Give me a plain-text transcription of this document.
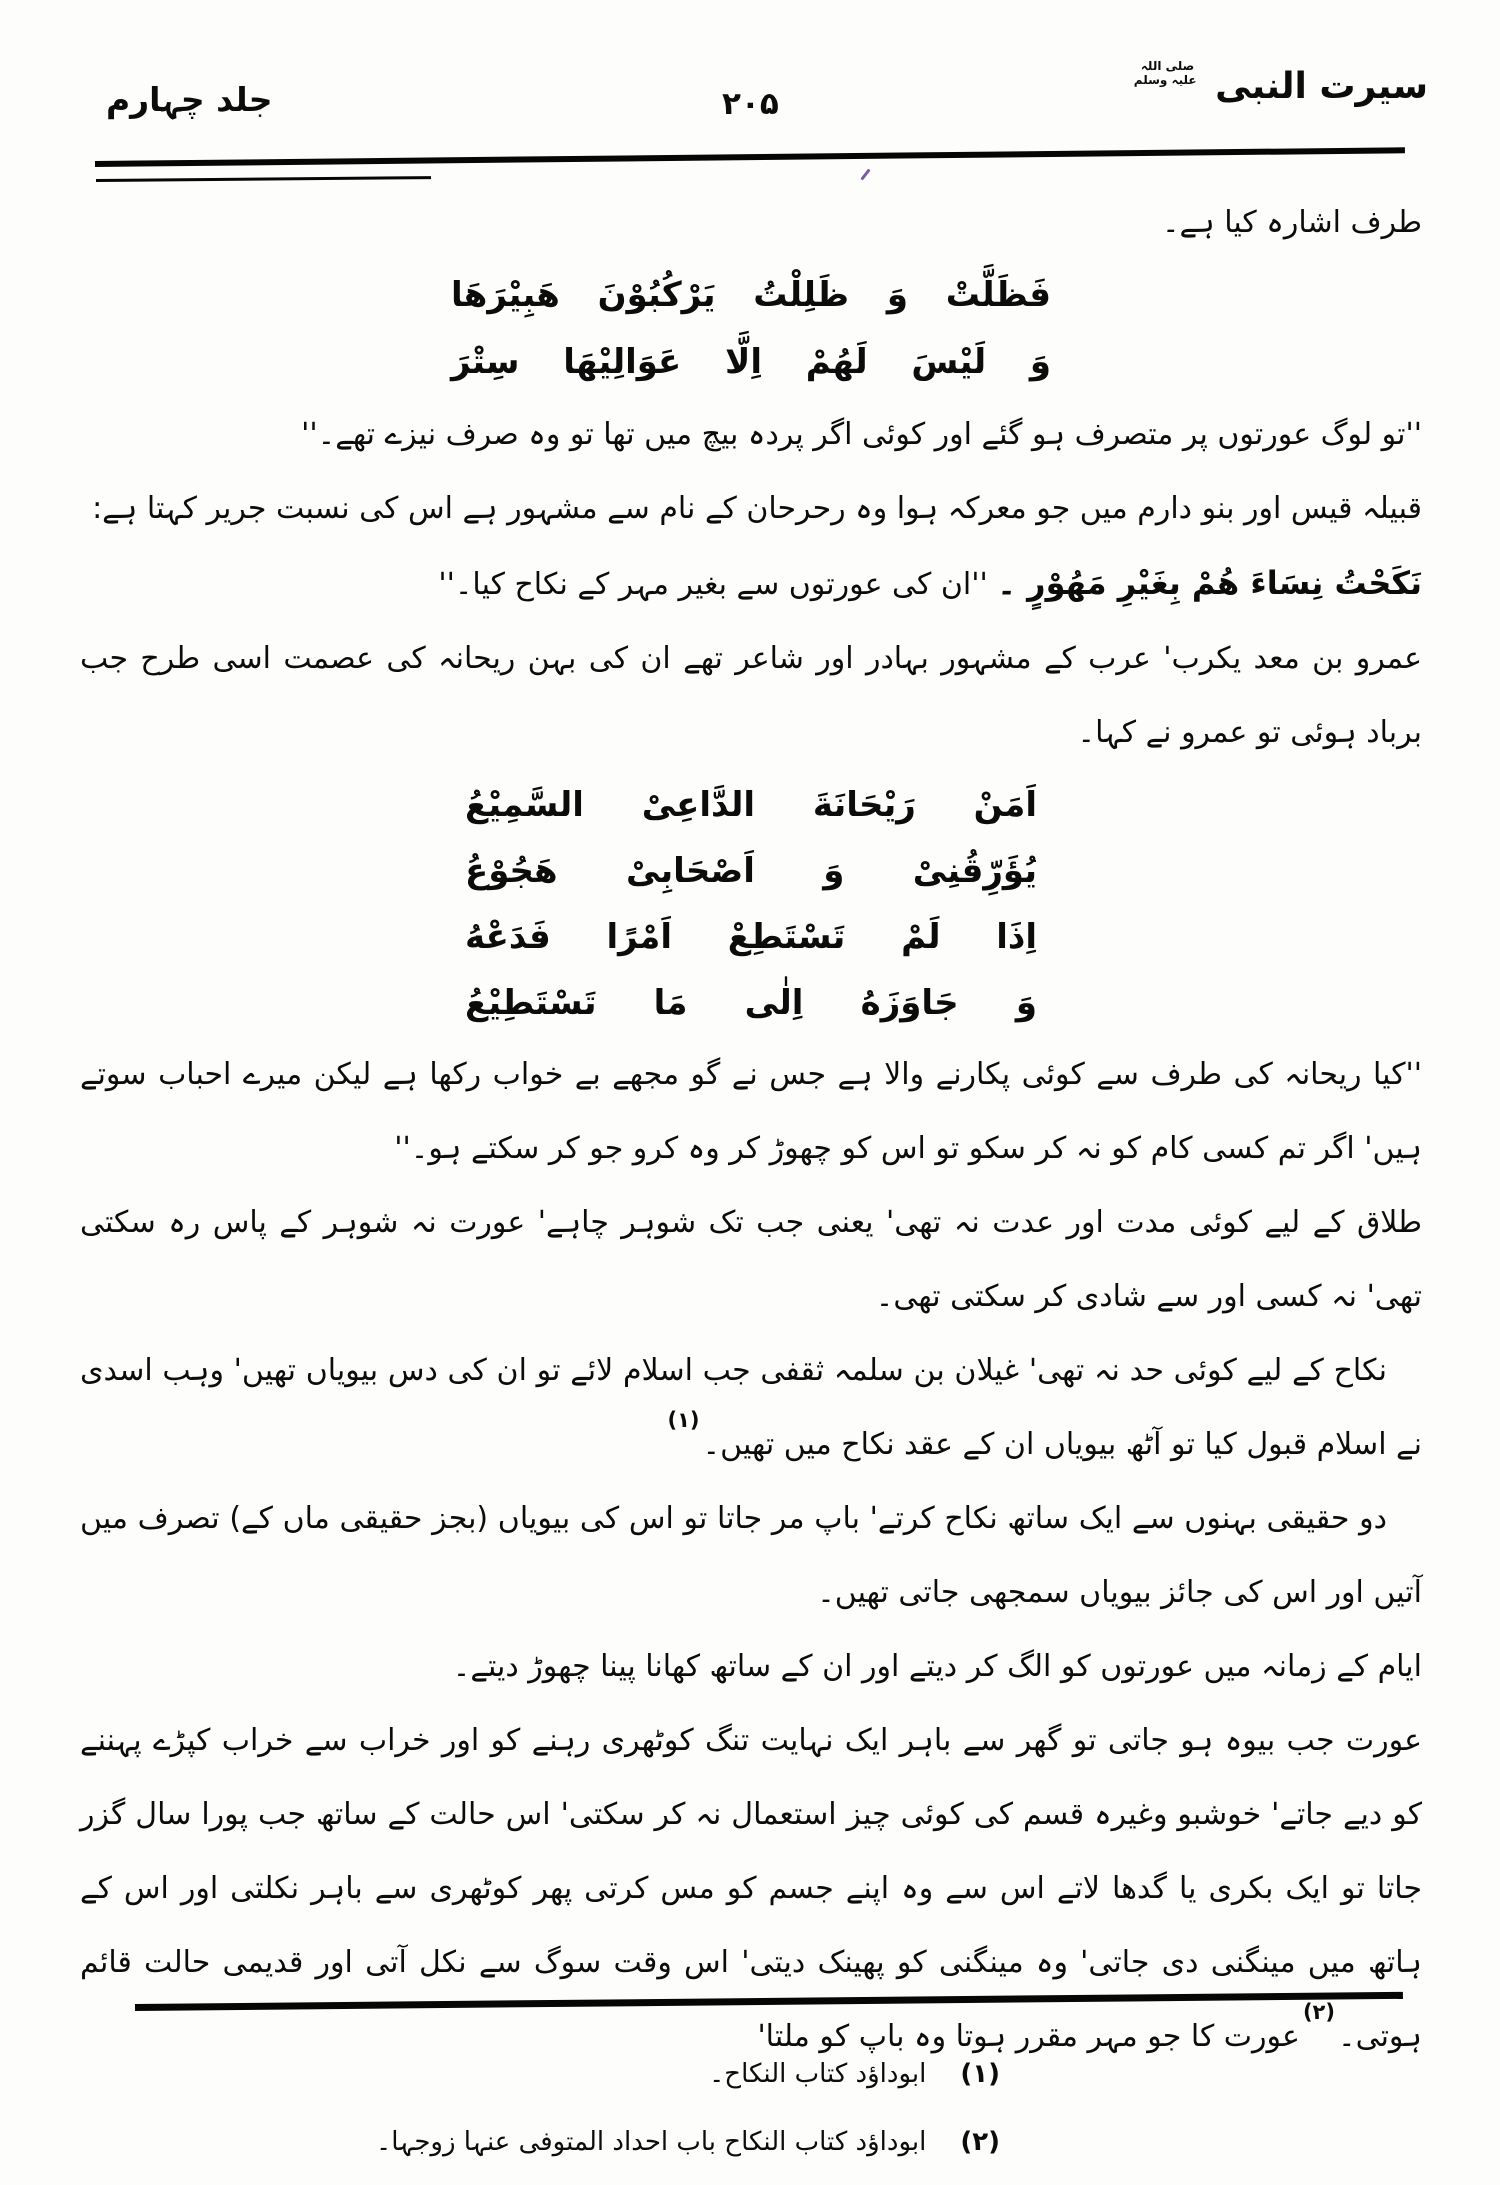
سیرت النبی
صلی اللہ
علیہ وسلم
۲۰۵
جلد چہارم

طرف اشارہ کیا ہے۔

فَظَلَّتْ وَ ظَلِلْتُ يَرْكُبُوْنَ هَبِيْرَهَا
وَ لَيْسَ لَهُمْ اِلَّا عَوَالِيْهَا سِتْرَ

''تو لوگ عورتوں پر متصرف ہو گئے اور کوئی اگر پردہ بیچ میں تھا تو وہ صرف نیزے تھے۔''

قبیلہ قیس اور بنو دارم میں جو معرکہ ہوا وہ رحرحان کے نام سے مشہور ہے اس کی نسبت جریر کہتا ہے:

نَكَحْتُ نِسَاءَ هُمْ بِغَيْرِ مَهُوْرٍ ۔ ''ان کی عورتوں سے بغیر مہر کے نکاح کیا۔''

عمرو بن معد یکرب' عرب کے مشہور بہادر اور شاعر تھے ان کی بہن ریحانہ کی عصمت اسی طرح جب برباد ہوئی تو عمرو نے کہا۔

اَمَنْ رَيْحَانَةَ الدَّاعِیْ السَّمِيْعُ
يُؤَرِّقُنِیْ وَ اَصْحَابِیْ هَجُوْعُ
اِذَا لَمْ تَسْتَطِعْ اَمْرًا فَدَعْهُ
وَ جَاوَزَهُ اِلٰی مَا تَسْتَطِيْعُ

''کیا ریحانہ کی طرف سے کوئی پکارنے والا ہے جس نے گو مجھے بے خواب رکھا ہے لیکن میرے احباب سوتے ہیں' اگر تم کسی کام کو نہ کر سکو تو اس کو چھوڑ کر وہ کرو جو کر سکتے ہو۔''

طلاق کے لیے کوئی مدت اور عدت نہ تھی' یعنی جب تک شوہر چاہے' عورت نہ شوہر کے پاس رہ سکتی تھی' نہ کسی اور سے شادی کر سکتی تھی۔

نکاح کے لیے کوئی حد نہ تھی' غیلان بن سلمہ ثقفی جب اسلام لائے تو ان کی دس بیویاں تھیں' وہب اسدی نے اسلام قبول کیا تو آٹھ بیویاں ان کے عقد نکاح میں تھیں۔$^{(۱)}$

دو حقیقی بہنوں سے ایک ساتھ نکاح کرتے' باپ مر جاتا تو اس کی بیویاں (بجز حقیقی ماں کے) تصرف میں آتیں اور اس کی جائز بیویاں سمجھی جاتی تھیں۔

ایام کے زمانہ میں عورتوں کو الگ کر دیتے اور ان کے ساتھ کھانا پینا چھوڑ دیتے۔

عورت جب بیوہ ہو جاتی تو گھر سے باہر ایک نہایت تنگ کوٹھری رہنے کو اور خراب سے خراب کپڑے پہننے کو دیے جاتے' خوشبو وغیرہ قسم کی کوئی چیز استعمال نہ کر سکتی' اس حالت کے ساتھ جب پورا سال گزر جاتا تو ایک بکری یا گدھا لاتے اس سے وہ اپنے جسم کو مس کرتی پھر کوٹھری سے باہر نکلتی اور اس کے ہاتھ میں مینگنی دی جاتی' وہ مینگنی کو پھینک دیتی' اس وقت سوگ سے نکل آتی اور قدیمی حالت قائم ہوتی۔$^{(۲)}$عورت کا جو مہر مقرر ہوتا وہ باپ کو ملتا'

(۱)ابوداؤد کتاب النکاح۔
(۲)ابوداؤد کتاب النکاح باب احداد المتوفی عنہا زوجہا۔
